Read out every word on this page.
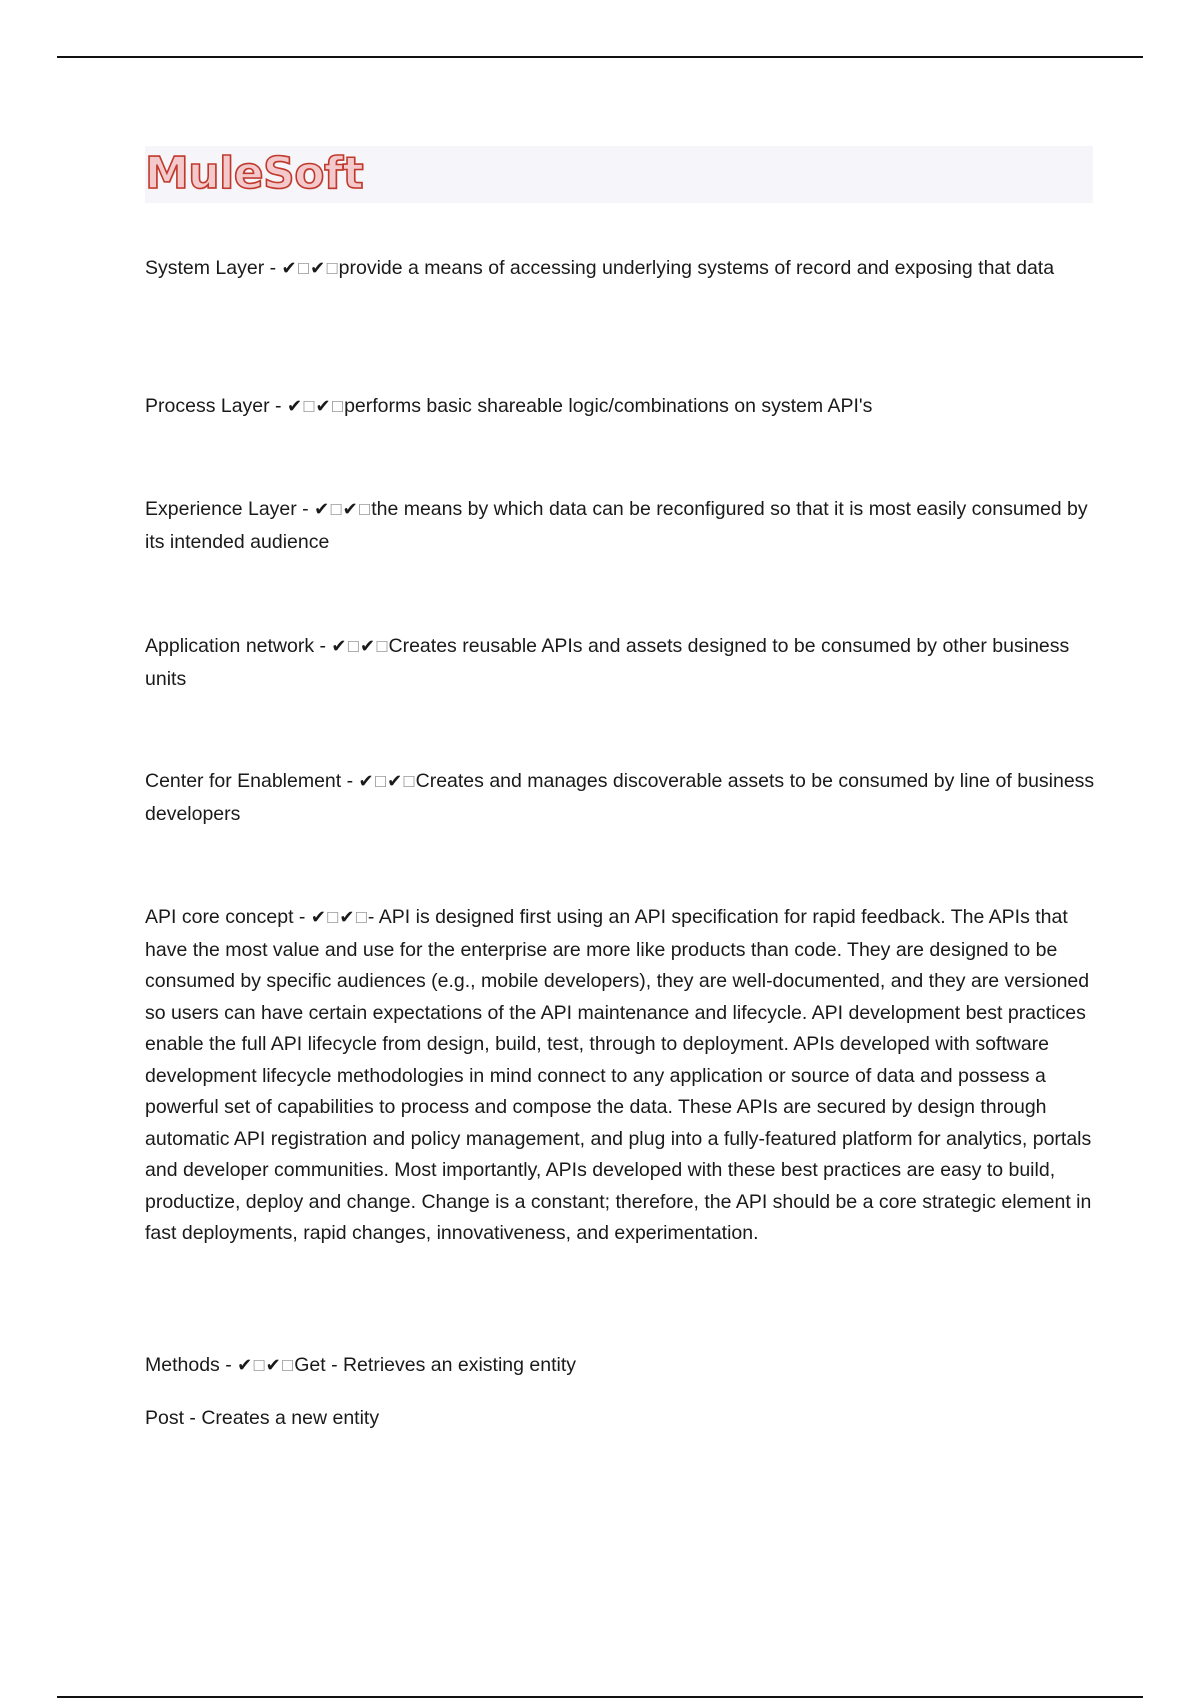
MuleSoft

System Layer - ✔☐✔☐provide a means of accessing underlying systems of record and exposing that data

Process Layer - ✔☐✔☐performs basic shareable logic/combinations on system API's

Experience Layer - ✔☐✔☐the means by which data can be reconfigured so that it is most easily consumed by its intended audience

Application network - ✔☐✔☐Creates reusable APIs and assets designed to be consumed by other business units

Center for Enablement - ✔☐✔☐Creates and manages discoverable assets to be consumed by line of business developers

API core concept - ✔☐✔☐- API is designed first using an API specification for rapid feedback. The APIs that have the most value and use for the enterprise are more like products than code. They are designed to be consumed by specific audiences (e.g., mobile developers), they are well-documented, and they are versioned so users can have certain expectations of the API maintenance and lifecycle. API development best practices enable the full API lifecycle from design, build, test, through to deployment. APIs developed with software development lifecycle methodologies in mind connect to any application or source of data and possess a powerful set of capabilities to process and compose the data. These APIs are secured by design through automatic API registration and policy management, and plug into a fully-featured platform for analytics, portals and developer communities. Most importantly, APIs developed with these best practices are easy to build, productize, deploy and change. Change is a constant; therefore, the API should be a core strategic element in fast deployments, rapid changes, innovativeness, and experimentation.

Methods - ✔☐✔☐Get - Retrieves an existing entity

Post - Creates a new entity
